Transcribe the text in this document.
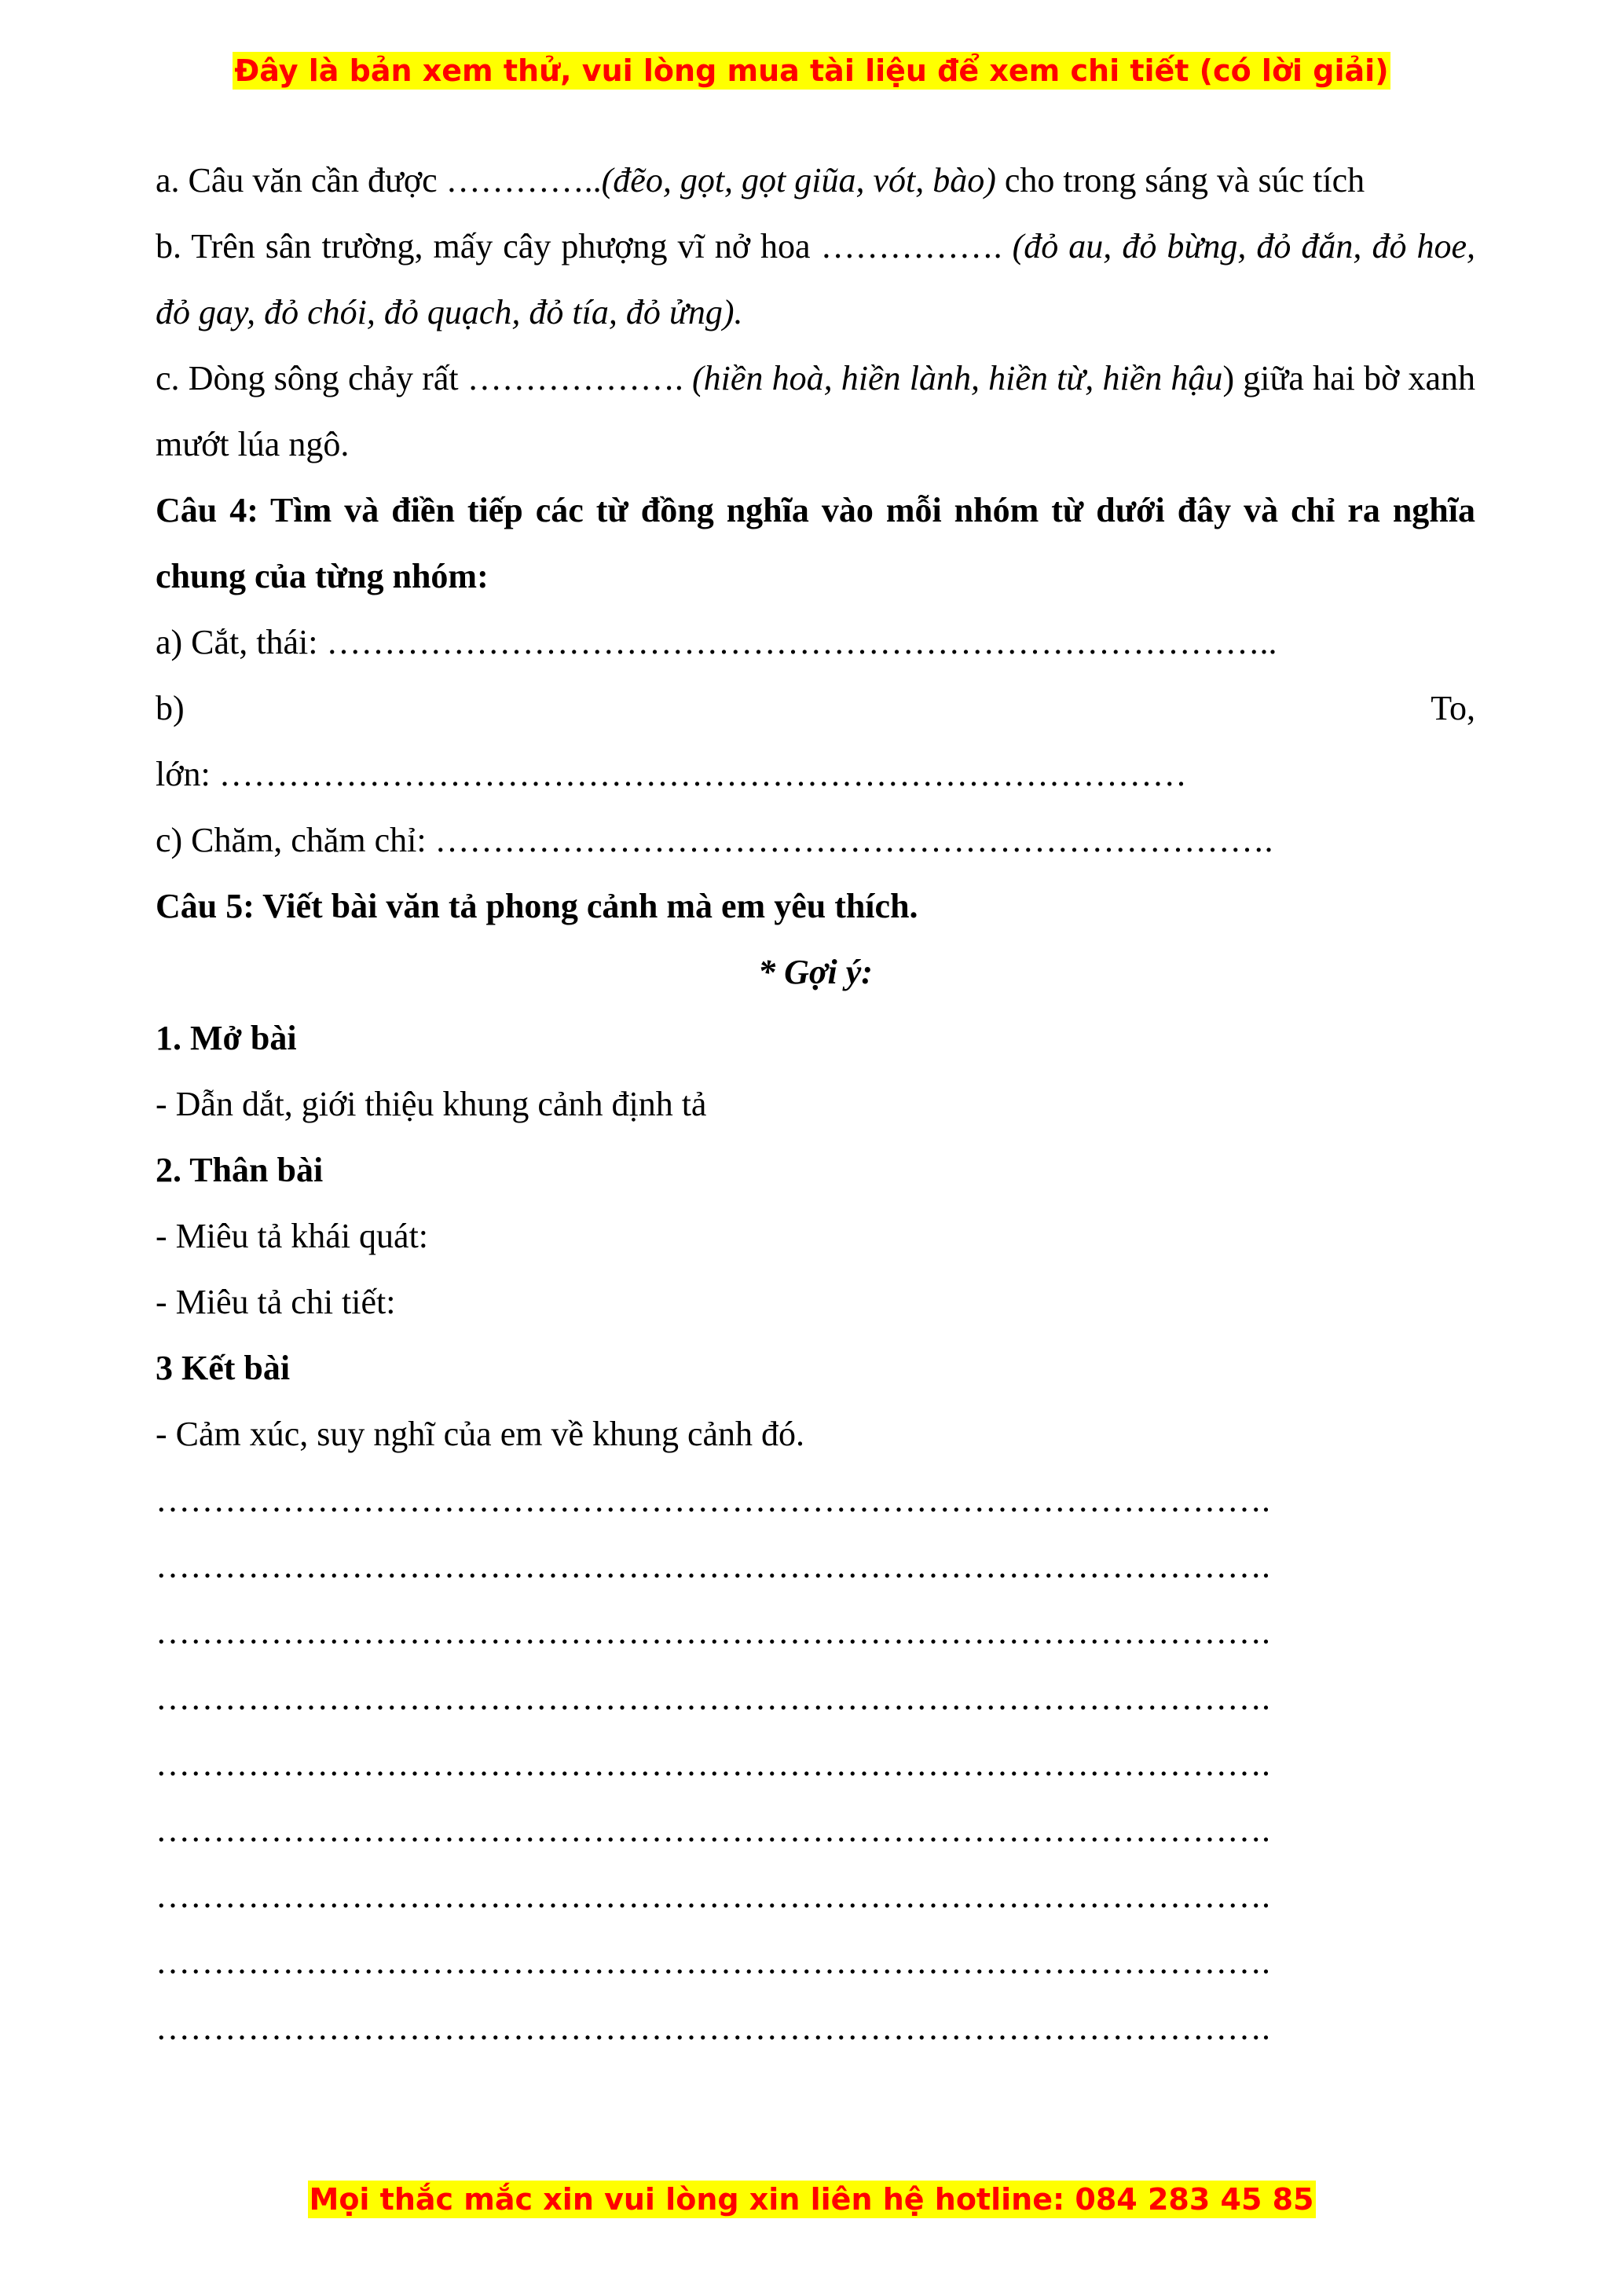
Đây là bản xem thử, vui lòng mua tài liệu để xem chi tiết (có lời giải)

a. Câu văn cần được …………..(đẽo, gọt, gọt giũa, vót, bào) cho trong sáng và súc tích

b. Trên sân trường, mấy cây phượng vĩ nở hoa ……………. (đỏ au, đỏ bừng, đỏ đắn, đỏ hoe, đỏ gay, đỏ chói, đỏ quạch, đỏ tía, đỏ ửng).

c. Dòng sông chảy rất ………………. (hiền hoà, hiền lành, hiền từ, hiền hậu) giữa hai bờ xanh mướt lúa ngô.

Câu 4: Tìm và điền tiếp các từ đồng nghĩa vào mỗi nhóm từ dưới đây và chỉ ra nghĩa chung của từng nhóm:

a) Cắt, thái: ………………………………………………………………………..

b)	To,

lớn: …………………………………………………………………………

c) Chăm, chăm chỉ: ……………………………………………………………….

Câu 5: Viết bài văn tả phong cảnh mà em yêu thích.

* Gợi ý:

1. Mở bài

- Dẫn dắt, giới thiệu khung cảnh định tả

2. Thân bài

- Miêu tả khái quát:

- Miêu tả chi tiết:

3 Kết bài

- Cảm xúc, suy nghĩ của em về khung cảnh đó.

…………………………………………………………………………………….

…………………………………………………………………………………….

…………………………………………………………………………………….

…………………………………………………………………………………….

…………………………………………………………………………………….

…………………………………………………………………………………….

…………………………………………………………………………………….

…………………………………………………………………………………….

…………………………………………………………………………………….

Mọi thắc mắc xin vui lòng xin liên hệ hotline: 084 283 45 85
